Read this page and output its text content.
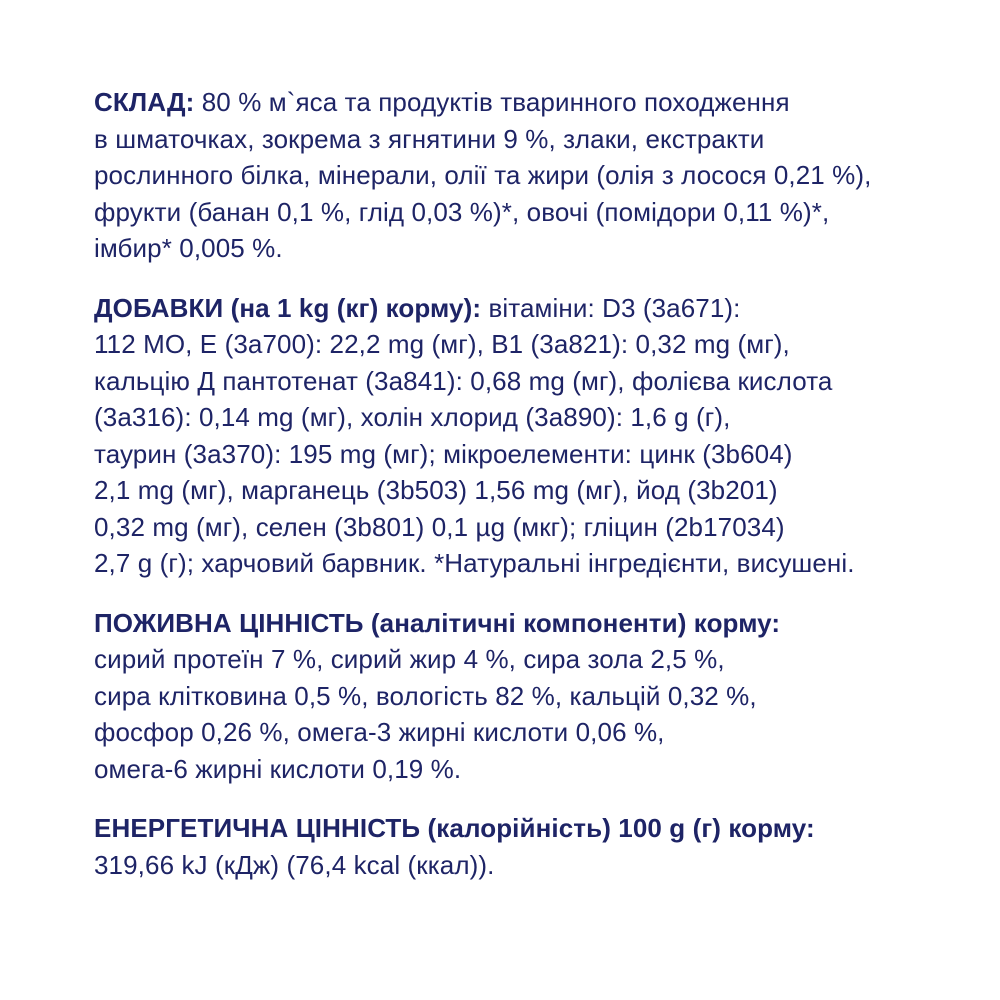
СКЛАД: 80 % м`яса та продуктів тваринного походження
в шматочках, зокрема з ягнятини 9 %, злаки, екстракти
рослинного білка, мінерали, олії та жири (олія з лосося 0,21 %),
фрукти (банан 0,1 %, глід 0,03 %)*, овочі (помідори 0,11 %)*,
імбир* 0,005 %.
ДОБАВКИ (на 1 kg (кг) корму): вітаміни: D3 (3a671):
112 МО, Е (3a700): 22,2 mg (мг), B1 (3a821): 0,32 mg (мг),
кальцію Д пантотенат (3a841): 0,68 mg (мг), фолієва кислота
(3a316): 0,14 mg (мг), холін хлорид (3a890): 1,6 g (г),
таурин (3a370): 195 mg (мг); мікроелементи: цинк (3b604)
2,1 mg (мг), марганець (3b503) 1,56 mg (мг), йод (3b201)
0,32 mg (мг), селен (3b801) 0,1 µg (мкг); гліцин (2b17034)
2,7 g (г); харчовий барвник. *Натуральні інгредієнти, висушені.
ПОЖИВНА ЦІННІСТЬ (аналітичні компоненти) корму:
сирий протеїн 7 %, сирий жир 4 %, сира зола 2,5 %,
сира клітковина 0,5 %, вологість 82 %, кальцій 0,32 %,
фосфор 0,26 %, омега-3 жирні кислоти 0,06 %,
омега-6 жирні кислоти 0,19 %.
ЕНЕРГЕТИЧНА ЦІННІСТЬ (калорійність) 100 g (г) корму:
319,66 kJ (кДж) (76,4 kcal (ккал)).
